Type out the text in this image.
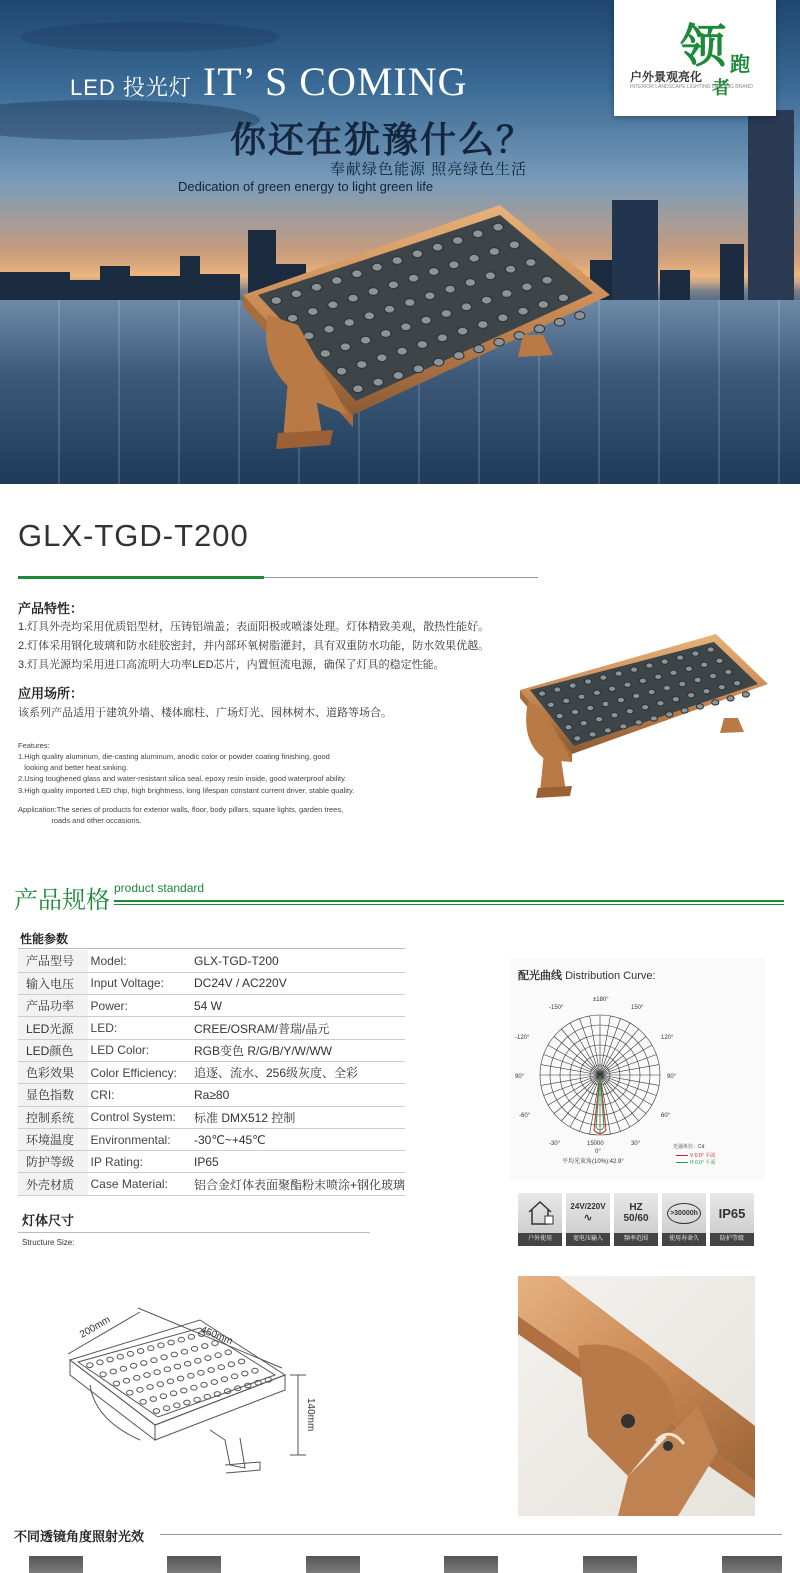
LED 投光灯 IT’ S COMING
你还在犹豫什么？
奉献绿色能源 照亮绿色生活
Dedication of green energy to light green life
领 跑
者
户外景观亮化
INTERIOR LANDSCAPE LIGHTING LEADING BRAND
GLX-TGD-T200
产品特性：
1.灯具外壳均采用优质铝型材，压铸铝端盖；表面阳极或喷漆处理。灯体精致美观，散热性能好。
2.灯体采用钢化玻璃和防水硅胶密封，并内部环氧树脂灌封，具有双重防水功能，防水效果优越。
3.灯具光源均采用进口高流明大功率LED芯片，内置恒流电源，确保了灯具的稳定性能。
应用场所：
该系列产品适用于建筑外墙、楼体廊柱、广场灯光、园林树木、道路等场合。
Features:
1.High quality aluminum, die-casting aluminum, anodic color or powder coating finishing, good
looking and better heat sinking.
2.Using toughened glass and water-resistant silica seal, epoxy resin inside, good waterproof ability.
3.High quality imported LED chip, high brightness, long lifespan constant current driver, stable quality.
Application:The series of products for exterior walls, floor, body pillars, square lights, garden trees,
roads and other occasions.
产品规格 product standard
性能参数
产品型号	Model:	GLX-TGD-T200
输入电压	Input Voltage:	DC24V / AC220V
产品功率	Power:	54 W
LED光源	LED:	CREE/OSRAM/普瑞/晶元
LED颜色	LED Color:	RGB变色 R/G/B/Y/W/WW
色彩效果	Color Efficiency:	追逐、流水、256级灰度、全彩
显色指数	CRI:	Ra≥80
控制系统	Control System:	标准 DMX512 控制
环境温度	Environmental:	-30℃~+45℃
防护等级	IP Rating:	IP65
外壳材质	Case Material:	铝合金灯体表面聚酯粉末喷涂+钢化玻璃
灯体尺寸
Structure Size:
200mm	450mm
140mm
配光曲线 Distribution Curve:
±180°
150°
-150°
120°
-120°
90°
90°
60°
-60°
30°
-30°
0°
15000
平均光束角(10%):42.9°
光强单位：Cd
V 0.0° 平面
H 0.0° 平面
户外使用
24V/220V
∿
宽电压输入
HZ 50/60
频率范围
>30000h
使用寿命久
IP65
防护等级
不同透镜角度照射光效
